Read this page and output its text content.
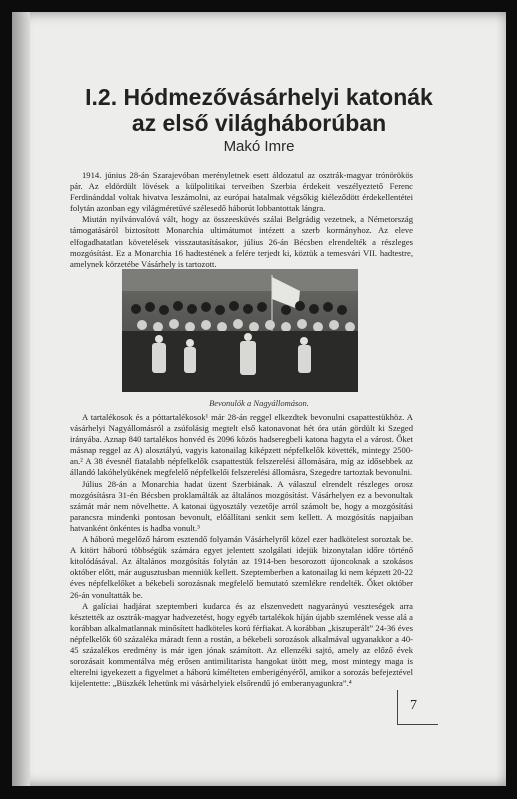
I.2. Hódmezővásárhelyi katonák
az első világháborúban
Makó Imre

1914. június 28-án Szarajevóban merényletnek esett áldozatul az osztrák-magyar trónörökös pár. Az eldördült lövések a külpolitikai terveiben Szerbia érdekeit veszélyeztető Ferenc Ferdinánddal voltak hivatva leszámolni, az európai hatalmak végsőkig kiéleződött érdekellentétei folytán azonban egy világméretűvé szélesedő háborút lobbantottak lángra.

Miután nyilvánvalóvá vált, hogy az összeesküvés szálai Belgrádig vezetnek, a Németország támogatásáról biztosított Monarchia ultimátumot intézett a szerb kormányhoz. Az eleve elfogadhatatlan követelések visszautasításakor, július 26-án Bécsben elrendelték a részleges mozgósítást. Ez a Monarchia 16 hadtestének a felére terjedt ki, köztük a temesvári VII. hadtestre, amelynek körzetébe Vásárhely is tartozott.

Bevonulók a Nagyállomáson.

A tartalékosok és a póttartalékosok¹ már 28-án reggel elkezdtek bevonulni csapattestükhöz. A vásárhelyi Nagyállomásról a zsúfolásig megtelt első katonavonat hét óra után gördült ki Szeged irányába. Aznap 840 tartalékos honvéd és 2096 közös hadseregbeli katona hagyta el a várost. Őket másnap reggel az A) alosztályú, vagyis katonailag kiképzett népfelkelők követték, mintegy 2500-an.² A 38 évesnél fiatalabb népfelkelők csapattestük felszerelési állomására, míg az idősebbek az állandó lakóhelyükének megfelelő népfelkelői felszerelési állomásra, Szegedre tartoztak bevonulni.

Július 28-án a Monarchia hadat üzent Szerbiának. A válaszul elrendelt részleges orosz mozgósításra 31-én Bécsben proklamálták az általános mozgósítást. Vásárhelyen ez a bevonultak számát már nem növelhette. A katonai ügyosztály vezetője arról számolt be, hogy a mozgósítási parancsra mindenki pontosan bevonult, előállítani senkit sem kellett. A mozgósítás napjaiban hatvanként önkéntes is hadba vonult.³

A háború megelőző három esztendő folyamán Vásárhelyről közel ezer hadkötelest soroztak be. A kitört háború többségük számára egyet jelentett szolgálati idejük bizonytalan időre történő kitolódásával. Az általános mozgósítás folytán az 1914-ben besorozott újoncoknak a szokásos október előtt, már augusztusban menniük kellett. Szeptemberben a katonailag ki nem képzett 20-22 éves népfelkelőket a békebeli sorozásnak megfelelő bemutató szemlékre rendelték. Őket október 26-án vonultatták be.

A galíciai hadjárat szeptemberi kudarca és az elszenvedett nagyarányú veszteségek arra késztették az osztrák-magyar hadvezetést, hogy egyéb tartalékok híján újabb szemlének vesse alá a korábban alkalmatlannak minősített hadköteles korú férfiakat. A korábban „kiszuperált” 24-36 éves népfelkelők 60 százaléka máradt fenn a rostán, a békebeli sorozások alkalmával ugyanakkor a 40-45 százalékos eredmény is már igen jónak számított. Az ellenzéki sajtó, amely az előző évek sorozásait kommentálva még erősen antimilitarista hangokat ütött meg, most mintegy maga is elterelni igyekezett a figyelmet a háború kímélteten emberigényéről, amikor a sorozás befejeztével kijelentette: „Büszkék lehetünk mi vásárhelyiek elsőrendű jó emberanyagunkra”.⁴

7
